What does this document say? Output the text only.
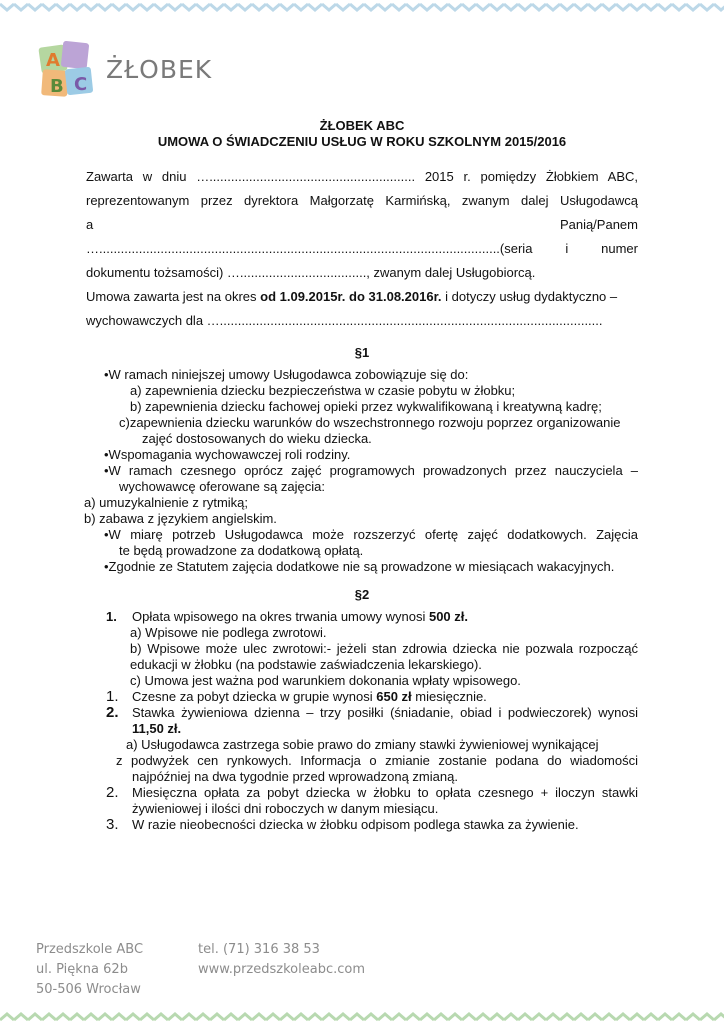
A
B C
ŻŁOBEK
ŻŁOBEK ABC
UMOWA O ŚWIADCZENIU USŁUG W ROKU SZKOLNYM 2015/2016

Zawarta w dniu …......................................................... 2015 r. pomiędzy Żłobkiem ABC,

reprezentowanym przez dyrektora Małgorzatę Karmińską, zwanym dalej Usługodawcą

a	Panią/Panem

…...............................................................................................................(seria	i	numer

dokumentu tożsamości) …..................................., zwanym dalej Usługobiorcą.

Umowa zawarta jest na okres od 1.09.2015r. do 31.08.2016r. i dotyczy usług dydaktyczno –

wychowawczych dla …..........................................................................................................

§1

•W ramach niniejszej umowy Usługodawca zobowiązuje się do:

a) zapewnienia dziecku bezpieczeństwa w czasie pobytu w żłobku;

b) zapewnienia dziecku fachowej opieki przez wykwalifikowaną i kreatywną kadrę;

c)zapewnienia dziecku warunków do wszechstronnego rozwoju poprzez organizowanie

zajęć dostosowanych do wieku dziecka.

•Wspomagania wychowawczej roli rodziny.

•W ramach czesnego oprócz zajęć programowych prowadzonych przez nauczyciela –

wychowawcę oferowane są zajęcia:

a) umuzykalnienie z rytmiką;

b) zabawa z językiem angielskim.

•W miarę potrzeb Usługodawca może rozszerzyć ofertę zajęć dodatkowych. Zajęcia

te będą prowadzone za dodatkową opłatą.

•Zgodnie ze Statutem zajęcia dodatkowe nie są prowadzone w miesiącach wakacyjnych.

§2
1.	Opłata wpisowego na okres trwania umowy wynosi 500 zł.

a) Wpisowe nie podlega zwrotowi.

b) Wpisowe może ulec zwrotowi:- jeżeli stan zdrowia dziecka nie pozwala rozpocząć

edukacji w żłobku (na podstawie zaświadczenia lekarskiego).

c) Umowa jest ważna pod warunkiem dokonania wpłaty wpisowego.

1.	Czesne za pobyt dziecka w grupie wynosi 650 zł miesięcznie.
2.	Stawka żywieniowa dzienna – trzy posiłki (śniadanie, obiad i podwieczorek) wynosi

11,50 zł.

a) Usługodawca zastrzega sobie prawo do zmiany stawki żywieniowej wynikającej

z podwyżek cen rynkowych. Informacja o zmianie zostanie podana do wiadomości

najpóźniej na dwa tygodnie przed wprowadzoną zmianą.

2.	Miesięczna opłata za pobyt dziecka w żłobku to opłata czesnego + iloczyn stawki

żywieniowej i ilości dni roboczych w danym miesiącu.

3.	W razie nieobecności dziecka w żłobku odpisom podlega stawka za żywienie.
Przedszkole ABC
ul. Piękna 62b
50-506 Wrocław
tel. (71) 316 38 53
www.przedszkoleabc.com
